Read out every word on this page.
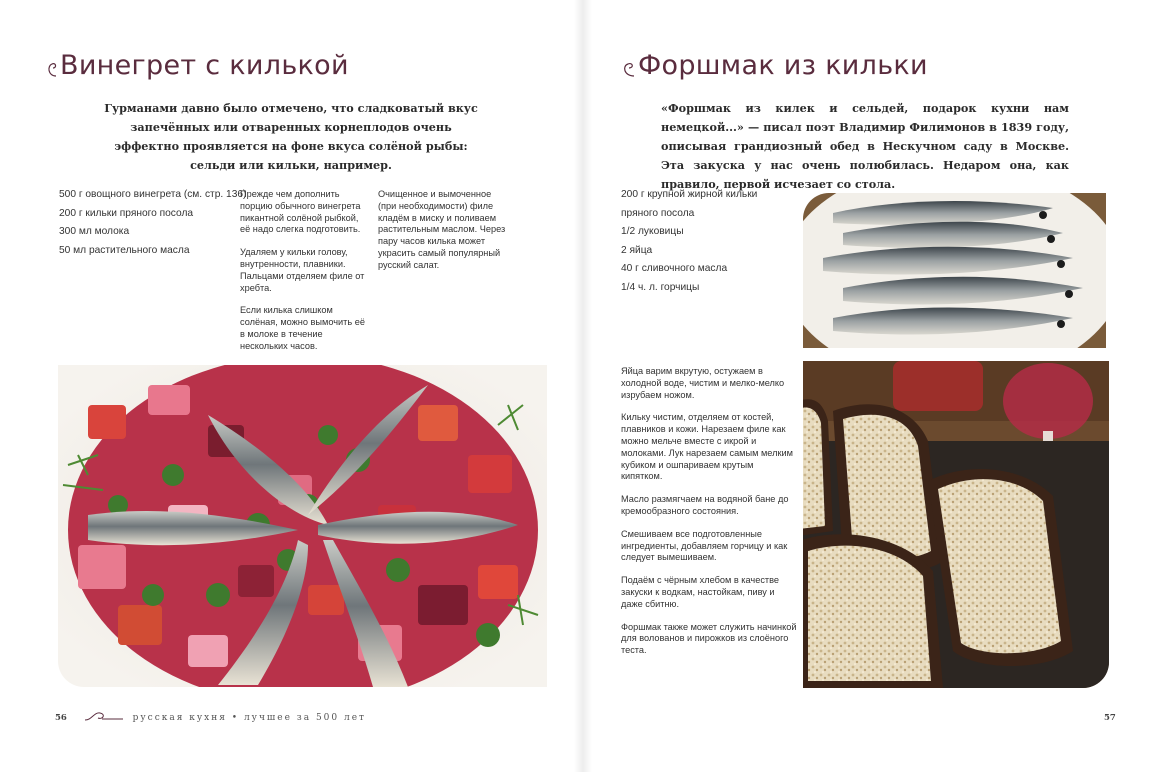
Винегрет с килькой

Гурманами давно было отмечено, что сладковатый вкус запечённых или отваренных корнеплодов очень эффектно проявляется на фоне вкуса солёной рыбы: сельди или кильки, например.

500 г овощного винегрета (см. стр. 136)
200 г кильки пряного посола
300 мл молока
50 мл растительного масла

Прежде чем дополнить порцию обычного винегрета пикантной солёной рыбкой, её надо слегка подготовить.

Удаляем у кильки голову, внутренности, плавники. Пальцами отделяем филе от хребта.

Если килька слишком солёная, можно вымочить её в молоке в течение нескольких часов.

Очищенное и вымоченное (при необходимости) филе кладём в миску и поливаем растительным маслом. Через пару часов килька может украсить самый популярный русский салат.

56	русская кухня • лучшее за 500 лет
Форшмак из кильки

«Форшмак из килек и сельдей, подарок кухни нам немецкой...» — писал поэт Владимир Филимонов в 1839 году, описывая грандиозный обед в Нескучном саду в Москве. Эта закуска у нас очень полюбилась. Недаром она, как правило, первой исчезает со стола.

200 г крупной жирной кильки
пряного посола
1/2 луковицы
2 яйца
40 г сливочного масла
1/4 ч. л. горчицы

Яйца варим вкрутую, остужаем в холодной воде, чистим и мелко-мелко изрубаем ножом.

Кильку чистим, отделяем от костей, плавников и кожи. Нарезаем филе как можно мельче вместе с икрой и молоками. Лук нарезаем самым мелким кубиком и ошпариваем крутым кипятком.

Масло размягчаем на водяной бане до кремообразного состояния.

Смешиваем все подготовленные ингредиенты, добавляем горчицу и как следует вымешиваем.

Подаём с чёрным хлебом в качестве закуски к водкам, настойкам, пиву и даже сбитню.

Форшмак также может служить начинкой для волованов и пирожков из слоёного теста.

57
